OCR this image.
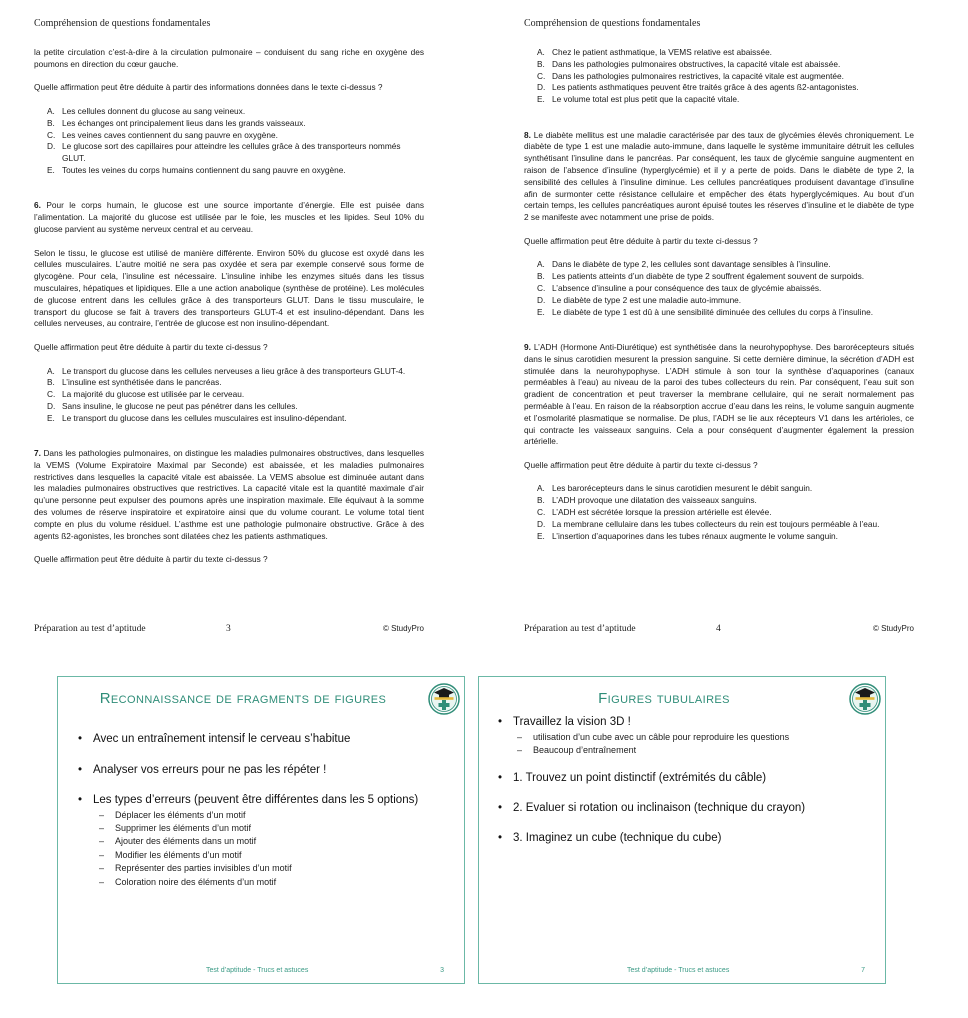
Compréhension de questions fondamentales

la petite circulation c’est-à-dire à la circulation pulmonaire – conduisent du sang riche en oxygène des poumons en direction du cœur gauche.

Quelle affirmation peut être déduite à partir des informations données dans le texte ci-dessus ?

A. Les cellules donnent du glucose au sang veineux.
B. Les échanges ont principalement lieus dans les grands vaisseaux.
C. Les veines caves contiennent du sang pauvre en oxygène.
D. Le glucose sort des capillaires pour atteindre les cellules grâce à des transporteurs nommés GLUT.
E. Toutes les veines du corps humains contiennent du sang pauvre en oxygène.

6. Pour le corps humain, le glucose est une source importante d’énergie. Elle est puisée dans l’alimentation. La majorité du glucose est utilisée par le foie, les muscles et les lipides. Seul 10% du glucose parvient au système nerveux central et au cerveau.

Selon le tissu, le glucose est utilisé de manière différente. Environ 50% du glucose est oxydé dans les cellules musculaires. L’autre moitié ne sera pas oxydée et sera par exemple conservé sous forme de glycogène. Pour cela, l’insuline est nécessaire. L’insuline inhibe les enzymes situés dans les tissus musculaires, hépatiques et lipidiques. Elle a une action anabolique (synthèse de protéine). Les molécules de glucose entrent dans les cellules grâce à des transporteurs GLUT. Dans le tissu musculaire, le transport du glucose se fait à travers des transporteurs GLUT-4 et est insulino-dépendant. Dans les cellules nerveuses, au contraire, l’entrée de glucose est non insulino-dépendant.

Quelle affirmation peut être déduite à partir du texte ci-dessus ?

A. Le transport du glucose dans les cellules nerveuses a lieu grâce à des transporteurs GLUT-4.
B. L’insuline est synthétisée dans le pancréas.
C. La majorité du glucose est utilisée par le cerveau.
D. Sans insuline, le glucose ne peut pas pénétrer dans les cellules.
E. Le transport du glucose dans les cellules musculaires est insulino-dépendant.

7. Dans les pathologies pulmonaires, on distingue les maladies pulmonaires obstructives, dans lesquelles la VEMS (Volume Expiratoire Maximal par Seconde) est abaissée, et les maladies pulmonaires restrictives dans lesquelles la capacité vitale est abaissée. La VEMS absolue est diminuée autant dans les maladies pulmonaires obstructives que restrictives. La capacité vitale est la quantité maximale d’air qu’une personne peut expulser des poumons après une inspiration maximale. Elle équivaut à la somme des volumes de réserve inspiratoire et expiratoire ainsi que du volume courant. Le volume total tient compte en plus du volume résiduel. L’asthme est une pathologie pulmonaire obstructive. Grâce à des agents ß2-agonistes, les bronches sont dilatées chez les patients asthmatiques.

Quelle affirmation peut être déduite à partir du texte ci-dessus ?

Préparation au test d’aptitude	3	© StudyPro
Compréhension de questions fondamentales
A. Chez le patient asthmatique, la VEMS relative est abaissée.
B. Dans les pathologies pulmonaires obstructives, la capacité vitale est abaissée.
C. Dans les pathologies pulmonaires restrictives, la capacité vitale est augmentée.
D. Les patients asthmatiques peuvent être traités grâce à des agents ß2-antagonistes.
E. Le volume total est plus petit que la capacité vitale.

8. Le diabète mellitus est une maladie caractérisée par des taux de glycémies élevés chroniquement. Le diabète de type 1 est une maladie auto-immune, dans laquelle le système immunitaire détruit les cellules synthétisant l’insuline dans le pancréas. Par conséquent, les taux de glycémie sanguine augmentent en raison de l’absence d’insuline (hyperglycémie) et il y a perte de poids. Dans le diabète de type 2, la sensibilité des cellules à l’insuline diminue. Les cellules pancréatiques produisent davantage d’insuline afin de surmonter cette résistance cellulaire et empêcher des états hyperglycémiques. Au bout d’un certain temps, les cellules pancréatiques auront épuisé toutes les réserves d’insuline et le diabète de type 2 se manifeste avec notamment une prise de poids.

Quelle affirmation peut être déduite à partir du texte ci-dessus ?

A. Dans le diabète de type 2, les cellules sont davantage sensibles à l’insuline.
B. Les patients atteints d’un diabète de type 2 souffrent également souvent de surpoids.
C. L’absence d’insuline a pour conséquence des taux de glycémie abaissés.
D. Le diabète de type 2 est une maladie auto-immune.
E. Le diabète de type 1 est dû à une sensibilité diminuée des cellules du corps à l’insuline.

9. L’ADH (Hormone Anti-Diurétique) est synthétisée dans la neurohypophyse. Des barorécepteurs situés dans le sinus carotidien mesurent la pression sanguine. Si cette dernière diminue, la sécrétion d’ADH est stimulée dans la neurohypophyse. L’ADH stimule à son tour la synthèse d’aquaporines (canaux perméables à l’eau) au niveau de la paroi des tubes collecteurs du rein. Par conséquent, l’eau suit son gradient de concentration et peut traverser la membrane cellulaire, qui ne serait normalement pas perméable à l’eau. En raison de la réabsorption accrue d’eau dans les reins, le volume sanguin augmente et l’osmolarité plasmatique se normalise. De plus, l’ADH se lie aux récepteurs V1 dans les artérioles, ce qui contracte les vaisseaux sanguins. Cela a pour conséquent d’augmenter également la pression artérielle.

Quelle affirmation peut être déduite à partir du texte ci-dessus ?

A. Les barorécepteurs dans le sinus carotidien mesurent le débit sanguin.
B. L’ADH provoque une dilatation des vaisseaux sanguins.
C. L’ADH est sécrétée lorsque la pression artérielle est élevée.
D. La membrane cellulaire dans les tubes collecteurs du rein est toujours perméable à l’eau.
E. L’insertion d’aquaporines dans les tubes rénaux augmente le volume sanguin.
Préparation au test d’aptitude	4	© StudyPro
Reconnaissance de fragments de figures
• Avec un entraînement intensif le cerveau s’habitue
• Analyser vos erreurs pour ne pas les répéter !
• Les types d’erreurs (peuvent être différentes dans les 5 options)
– Déplacer les éléments d’un motif
– Supprimer les éléments d’un motif
– Ajouter des éléments dans un motif
– Modifier les éléments d’un motif
– Représenter des parties invisibles d’un motif
– Coloration noire des éléments d’un motif
Test d’aptitude - Trucs et astuces	3
Figures tubulaires
• Travaillez la vision 3D !
– utilisation d’un cube avec un câble pour reproduire les questions
– Beaucoup d’entraînement
• 1. Trouvez un point distinctif (extrémités du câble)
• 2. Evaluer si rotation ou inclinaison (technique du crayon)
• 3. Imaginez un cube (technique du cube)
Test d’aptitude - Trucs et astuces	7
